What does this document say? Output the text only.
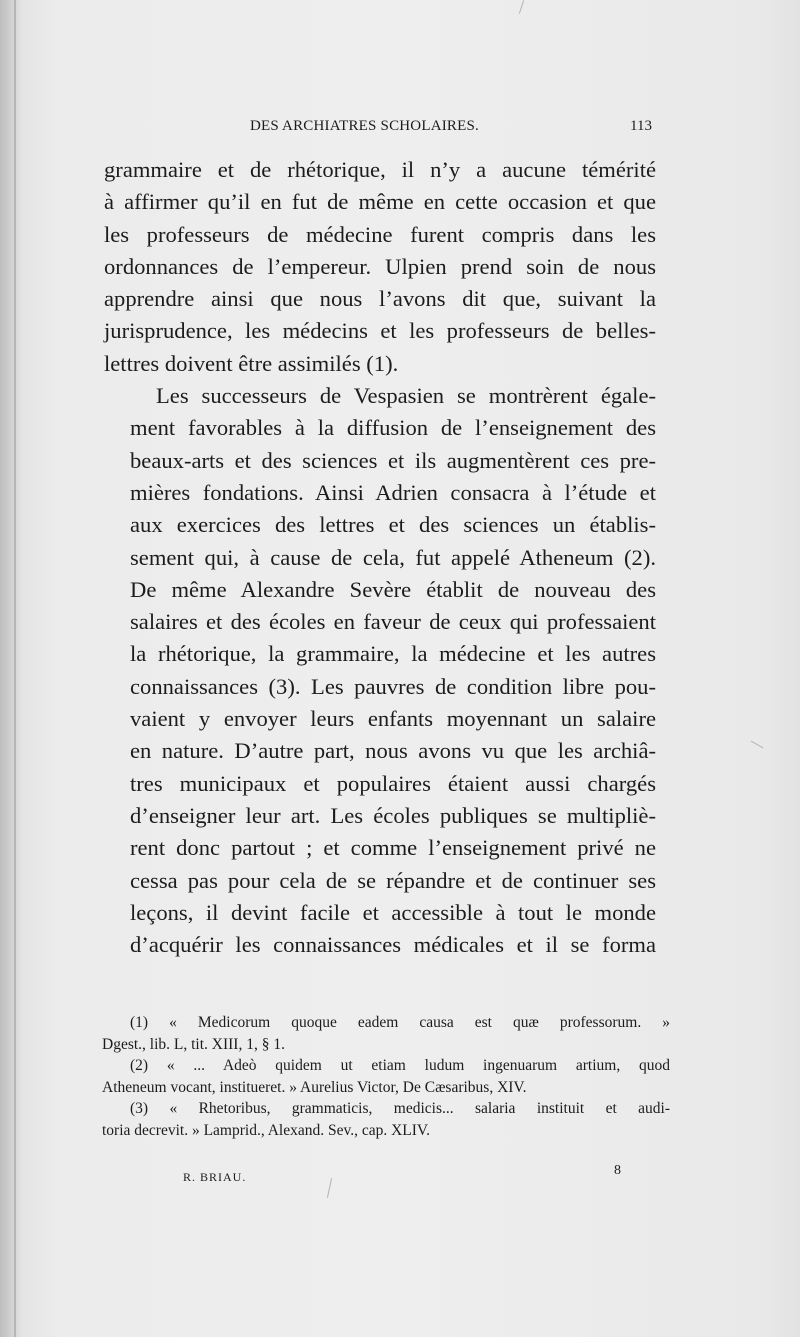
DES ARCHIATRES SCHOLAIRES.	113

grammaire et de rhétorique, il n’y a aucune témérité
à affirmer qu’il en fut de même en cette occasion et que
les professeurs de médecine furent compris dans les
ordonnances de l’empereur. Ulpien prend soin de nous
apprendre ainsi que nous l’avons dit que, suivant la
jurisprudence, les médecins et les professeurs de belles-
lettres doivent être assimilés (1).

Les successeurs de Vespasien se montrèrent égale-
ment favorables à la diffusion de l’enseignement des
beaux-arts et des sciences et ils augmentèrent ces pre-
mières fondations. Ainsi Adrien consacra à l’étude et
aux exercices des lettres et des sciences un établis-
sement qui, à cause de cela, fut appelé Atheneum (2).
De même Alexandre Sevère établit de nouveau des
salaires et des écoles en faveur de ceux qui professaient
la rhétorique, la grammaire, la médecine et les autres
connaissances (3). Les pauvres de condition libre pou-
vaient y envoyer leurs enfants moyennant un salaire
en nature. D’autre part, nous avons vu que les archiâ-
tres municipaux et populaires étaient aussi chargés
d’enseigner leur art. Les écoles publiques se multipliè-
rent donc partout ; et comme l’enseignement privé ne
cessa pas pour cela de se répandre et de continuer ses
leçons, il devint facile et accessible à tout le monde
d’acquérir les connaissances médicales et il se forma

(1) « Medicorum quoque eadem causa est quæ professorum. »
Dgest., lib. L, tit. XIII, 1, § 1.
(2) « ... Adeò quidem ut etiam ludum ingenuarum artium, quod
Atheneum vocant, institueret. » Aurelius Victor, De Cæsaribus, XIV.
(3) « Rhetoribus, grammaticis, medicis... salaria instituit et audi-
toria decrevit. » Lamprid., Alexand. Sev., cap. XLIV.
R. BRIAU.	8
